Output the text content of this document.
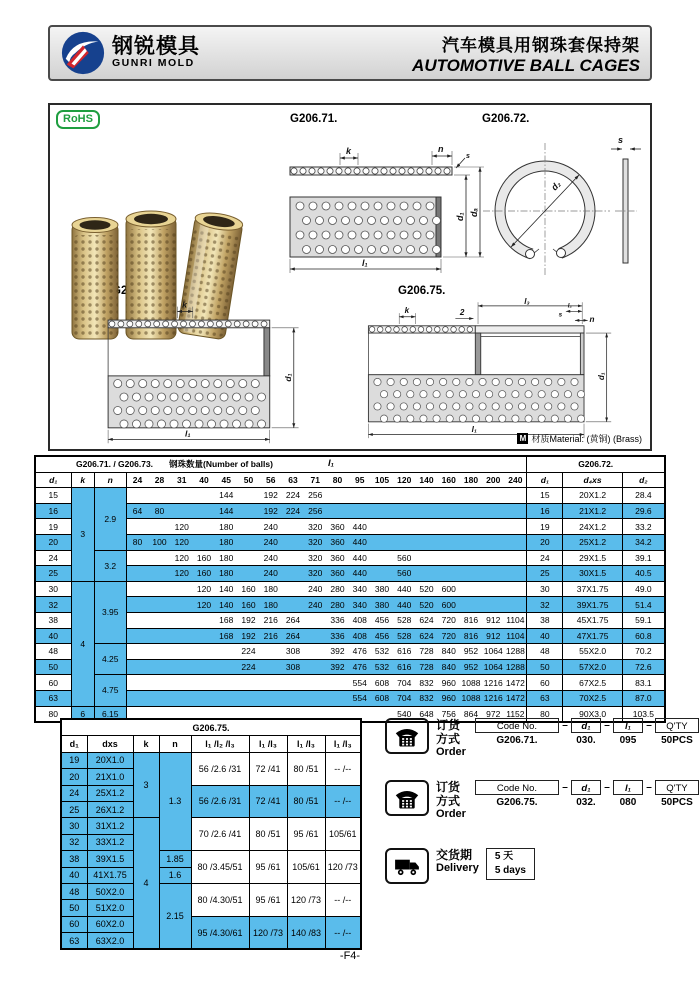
钢锐模具
GUNRI MOLD
汽车模具用钢珠套保持架
AUTOMOTIVE BALL CAGES
RoHS	G206.71.	G206.72.
G206.75.
k	n
s
d₁ dₐ
l₁
d₂
s
k
d₁
l₁
l₃
k	2
l₂
s	n
d₁
l₁
M 材质Material: (黄铜) (Brass)
G206.71. / G206.73. 钢珠数量(Number of balls) l₁																					G206.72.		
d₁	k	n	24	28	31	40	45	50	56	63	71	80	95	105	120	140	160	180	200	240	d₁	d₄xs	d₂
15	3	2.9					144		192	224	256										15	20X1.2	28.4
16			64	80			144		192	224	256										16	21X1.2	29.6
19					120		180		240		320	360	440								19	24X1.2	33.2
20			80	100	120		180		240		320	360	440								20	25X1.2	34.2
24		3.2			120	160	180		240		320	360	440		560						24	29X1.5	39.1
25					120	160	180		240		320	360	440		560						25	30X1.5	40.5
30	4	3.95				120	140	160	180		240	280	340	380	440	520	600				30	37X1.75	49.0
32						120	140	160	180		240	280	340	380	440	520	600				32	39X1.75	51.4
38							168	192	216	264		336	408	456	528	624	720	816	912	1104	38	45X1.75	59.1
40							168	192	216	264		336	408	456	528	624	720	816	912	1104	40	47X1.75	60.8
48		4.25						224		308		392	476	532	616	728	840	952	1064	1288	48	55X2.0	70.2
50								224		308		392	476	532	616	728	840	952	1064	1288	50	57X2.0	72.6
60		4.75											554	608	704	832	960	1088	1216	1472	60	67X2.5	83.1
63													554	608	704	832	960	1088	1216	1472	63	70X2.5	87.0
80	6	6.15													540	648	756	864	972	1152	80	90X3.0	103.5
G206.75.							
d₁	dxs	k	n	l₁ /l₂ /l₃	l₁ /l₃	l₁ /l₃	l₁ /l₃
19	20X1.0	3	1.3	56 /2.6 /31	72 /41	80 /51	-- /--
20	21X1.0						
24	25X1.2			56 /2.6 /31	72 /41	80 /51	-- /--
25	26X1.2						
30	31X1.2	4		70 /2.6 /41	80 /51	95 /61	105/61
32	33X1.2						
38	39X1.5		1.85	80 /3.45/51	95 /61	105/61	120 /73
40	41X1.75		1.6				
48	50X2.0		2.15	80 /4.30/51	95 /61	120 /73	-- /--
50	51X2.0						
60	60X2.0			95 /4.30/61	120 /73	140 /83	-- /--
63	63X2.0						
订货方式
Order
Code No.	–	d₁	–	l₁	–	Q'TY
G206.71.	030.	095	50PCS
订货方式
Order
Code No.	–	d₁	–	l₁	–	Q'TY
G206.75.	032.	080	50PCS
交货期
Delivery
5 天
5 days
-F4-
